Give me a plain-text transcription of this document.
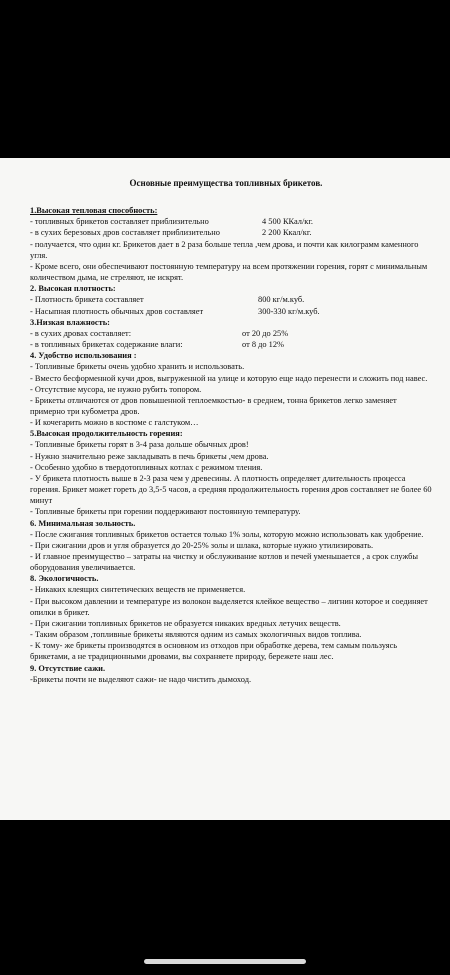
Основные преимущества топливных брикетов.
1.Высокая тепловая способность:
- топливных брикетов составляет приблизительно	4 500 ККал/кг.
- в сухих березовых дров составляет приблизительно	2 200 Ккал/кг.
- получается, что один кг. Брикетов дает в 2 раза больше тепла ,чем дрова, и почти как килограмм каменного угля.
- Кроме всего, они обеспечивают постоянную температуру на всем протяжении горения, горят с минимальным количеством дыма, не стреляют, не искрят.
2. Высокая плотность:
- Плотность брикета составляет	800 кг/м.куб.
- Насыпная плотность обычных дров составляет	300-330 кг/м.куб.
3.Низкая влажность:
- в сухих дровах составляет:	от 20 до 25%
- в топливных брикетах содержание влаги:	от 8 до 12%
4. Удобство использования :
- Топливные брикеты очень удобно хранить и использовать.
- Вместо бесформенной кучи дров, выгруженной на улице и которую еще надо перенести и сложить под навес.
- Отсутствие мусора, не нужно рубить топором.
- Брикеты отличаются от дров повышенной теплоемкостью- в среднем, тонна брикетов легко заменяет примерно три кубометра дров.
- И кочегарить можно в костюме с галстуком…
5.Высокая продолжительность горения:
- Топливные брикеты горят в 3-4 раза дольше обычных дров!
- Нужно значительно реже закладывать в печь брикеты ,чем дрова.
- Особенно удобно в твердотопливных котлах с режимом тления.
- У брикета плотность выше в 2-3 раза чем у древесины. А плотность определяет длительность процесса горения. Брикет может гореть до 3,5-5 часов, а средняя продолжительность горения дров составляет не более 60 минут
- Топливные брикеты при горении поддерживают постоянную температуру.
6. Минимальная зольность.
- После сжигания топливных брикетов остается только 1% золы, которую можно использовать как удобрение.
- При сжигании дров и угля образуется до 20-25% золы и шлака, которые нужно утилизировать.
- И главное преимущество – затраты на чистку и обслуживание котлов и печей уменьшается , а срок службы оборудования увеличивается.
8. Экологичность.
- Никаких клеящих синтетических веществ не применяется.
- При высоком давлении и температуре из волокон выделяется клейкое вещество – лигнин которое и соединяет опилки в брикет.
- При сжигании топливных брикетов не образуется никаких вредных летучих веществ.
- Таким образом ,топливные брикеты являются одним из самых экологичных видов топлива.
- К тому- же брикеты производятся в основном из отходов при обработке дерева, тем самым пользуясь брикетами, а не традиционными дровами, вы сохраняете природу, бережете наш лес.
9. Отсутствие сажи.
-Брикеты почти не выделяют сажи- не надо чистить дымоход.
